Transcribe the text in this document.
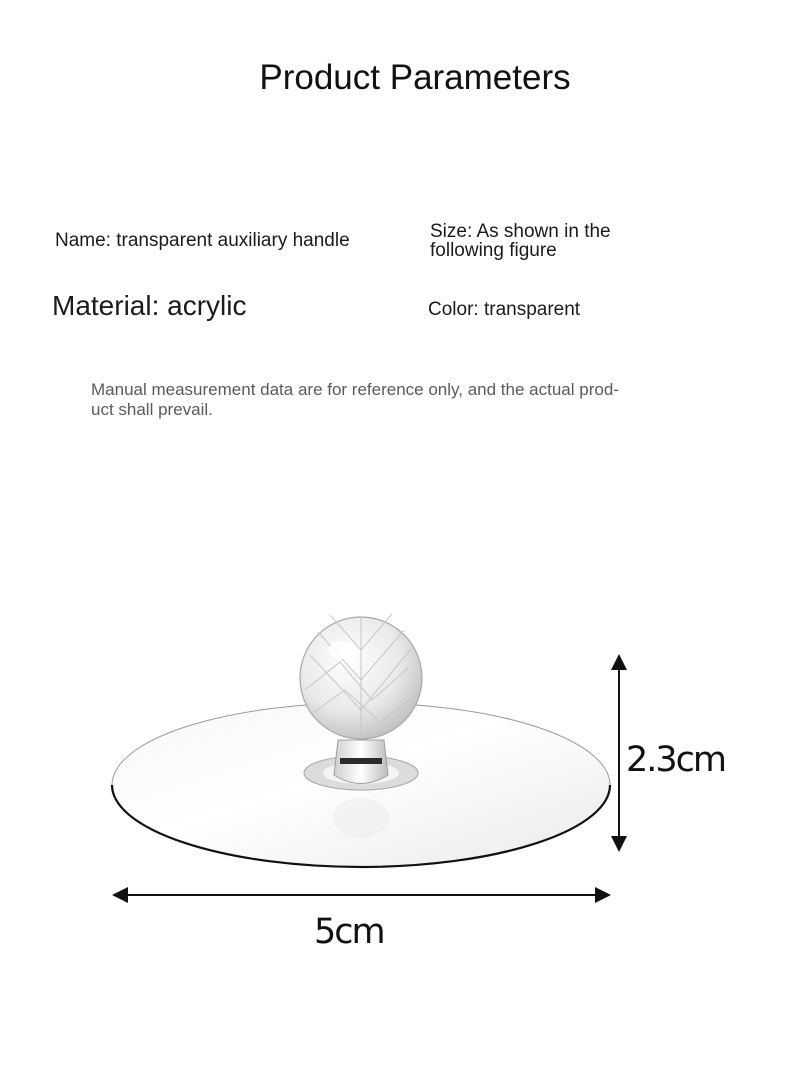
Product Parameters
Name: transparent auxiliary handle	Size: As shown in the
following figure
Material: acrylic	Color: transparent
Manual measurement data are for reference only, and the actual prod-
uct shall prevail.
2.3cm
5cm
